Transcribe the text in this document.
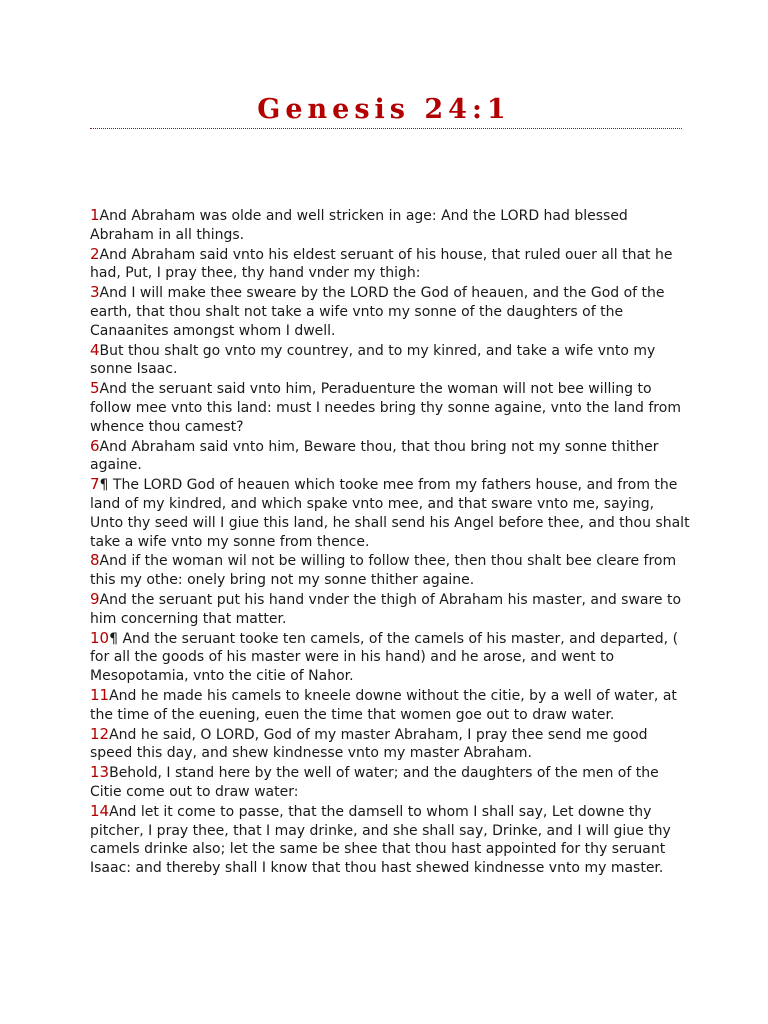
Genesis 24:1

1And Abraham was olde and well stricken in age: And the LORD had blessed Abraham in all things.

2And Abraham said vnto his eldest seruant of his house, that ruled ouer all that he had, Put, I pray thee, thy hand vnder my thigh:

3And I will make thee sweare by the LORD the God of heauen, and the God of the earth, that thou shalt not take a wife vnto my sonne of the daughters of the Canaanites amongst whom I dwell.

4But thou shalt go vnto my countrey, and to my kinred, and take a wife vnto my sonne Isaac.

5And the seruant said vnto him, Peraduenture the woman will not bee willing to follow mee vnto this land: must I needes bring thy sonne againe, vnto the land from whence thou camest?

6And Abraham said vnto him, Beware thou, that thou bring not my sonne thither againe.

7¶ The LORD God of heauen which tooke mee from my fathers house, and from the land of my kindred, and which spake vnto mee, and that sware vnto me, saying, Unto thy seed will I giue this land, he shall send his Angel before thee, and thou shalt take a wife vnto my sonne from thence.

8And if the woman wil not be willing to follow thee, then thou shalt bee cleare from this my othe: onely bring not my sonne thither againe.

9And the seruant put his hand vnder the thigh of Abraham his master, and sware to him concerning that matter.

10¶ And the seruant tooke ten camels, of the camels of his master, and departed, ( for all the goods of his master were in his hand) and he arose, and went to Mesopotamia, vnto the citie of Nahor.

11And he made his camels to kneele downe without the citie, by a well of water, at the time of the euening, euen the time that women goe out to draw water.

12And he said, O LORD, God of my master Abraham, I pray thee send me good speed this day, and shew kindnesse vnto my master Abraham.

13Behold, I stand here by the well of water; and the daughters of the men of the Citie come out to draw water:

14And let it come to passe, that the damsell to whom I shall say, Let downe thy pitcher, I pray thee, that I may drinke, and she shall say, Drinke, and I will giue thy camels drinke also; let the same be shee that thou hast appointed for thy seruant Isaac: and thereby shall I know that thou hast shewed kindnesse vnto my master.
